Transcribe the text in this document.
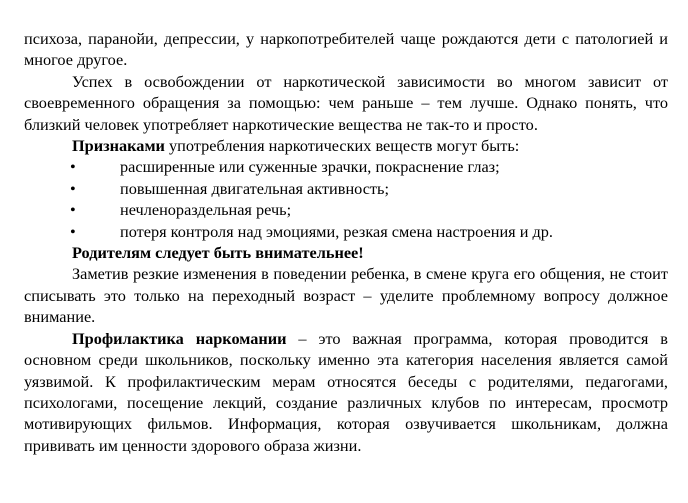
психоза, паранойи, депрессии, у наркопотребителей чаще рождаются дети с патологией и многое другое.

Успех в освобождении от наркотической зависимости во многом зависит от своевременного обращения за помощью: чем раньше – тем лучше. Однако понять, что близкий человек употребляет наркотические вещества не так-то и просто.

Признаками употребления наркотических веществ могут быть:

•	расширенные или суженные зрачки, покраснение глаз;
•	повышенная двигательная активность;
•	нечленораздельная речь;
•	потеря контроля над эмоциями, резкая смена настроения и др.

Родителям следует быть внимательнее!

Заметив резкие изменения в поведении ребенка, в смене круга его общения, не стоит списывать это только на переходный возраст – уделите проблемному вопросу должное внимание.

Профилактика наркомании – это важная программа, которая проводится в основном среди школьников, поскольку именно эта категория населения является самой уязвимой. К профилактическим мерам относятся беседы с родителями, педагогами, психологами, посещение лекций, создание различных клубов по интересам, просмотр мотивирующих фильмов. Информация, которая озвучивается школьникам, должна прививать им ценности здорового образа жизни.
